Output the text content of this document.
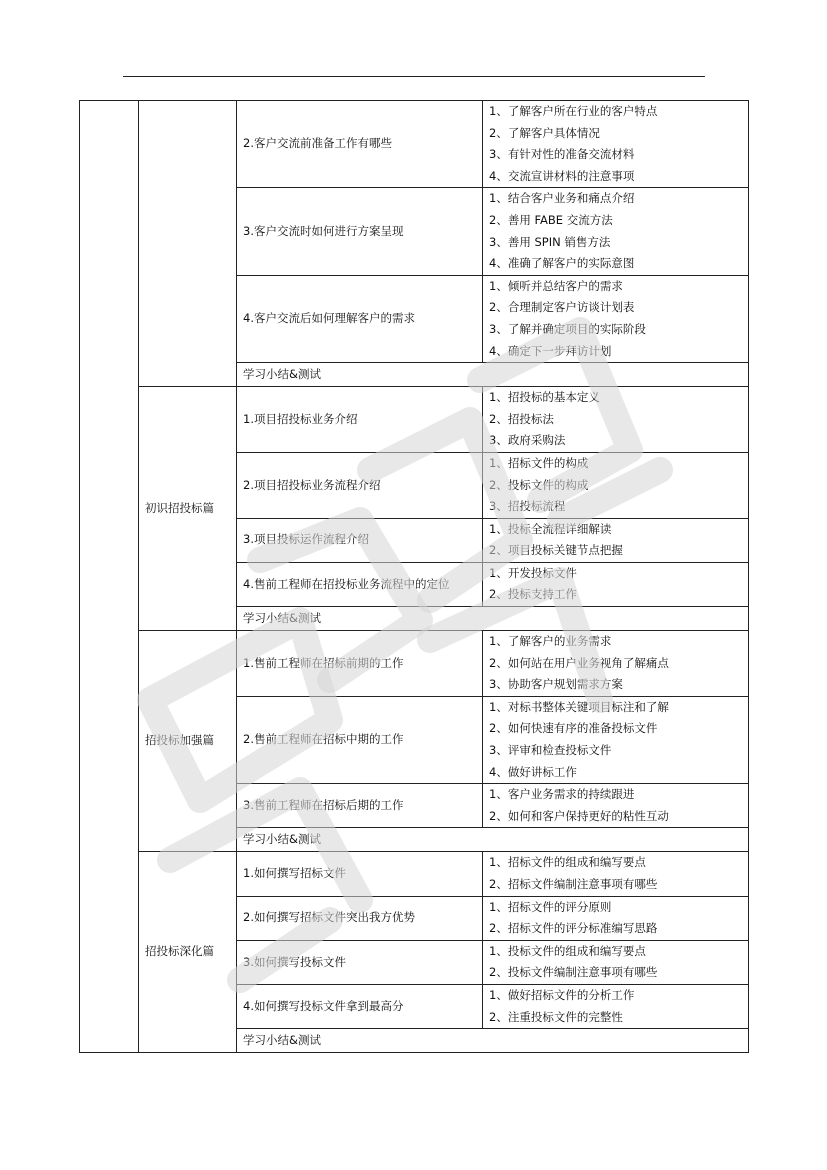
		2.客户交流前准备工作有哪些	1、了解客户所在行业的客户特点
2、了解客户具体情况
3、有针对性的准备交流材料
4、交流宣讲材料的注意事项

		3.客户交流时如何进行方案呈现	1、结合客户业务和痛点介绍
2、善用 FABE 交流方法
3、善用 SPIN 销售方法
4、准确了解客户的实际意图

		4.客户交流后如何理解客户的需求	1、倾听并总结客户的需求
2、合理制定客户访谈计划表
3、了解并确定项目的实际阶段
4、确定下一步拜访计划

		学习小结&测试	
	初识招投标篇	1.项目招投标业务介绍	1、招投标的基本定义
2、招投标法
3、政府采购法

		2.项目招投标业务流程介绍	1、招标文件的构成
2、投标文件的构成
3、招投标流程

		3.项目投标运作流程介绍	1、投标全流程详细解读
2、项目投标关键节点把握

		4.售前工程师在招投标业务流程中的定位	1、开发投标文件
2、投标支持工作

		学习小结&测试	
	招投标加强篇	1.售前工程师在招标前期的工作	1、了解客户的业务需求
2、如何站在用户业务视角了解痛点
3、协助客户规划需求方案

		2.售前工程师在招标中期的工作	1、对标书整体关键项目标注和了解
2、如何快速有序的准备投标文件
3、评审和检查投标文件
4、做好讲标工作

		3.售前工程师在招标后期的工作	1、客户业务需求的持续跟进
2、如何和客户保持更好的粘性互动

		学习小结&测试	
	招投标深化篇	1.如何撰写招标文件	1、招标文件的组成和编写要点
2、招标文件编制注意事项有哪些

		2.如何撰写招标文件突出我方优势	1、招标文件的评分原则
2、招标文件的评分标准编写思路

		3.如何撰写投标文件	1、投标文件的组成和编写要点
2、投标文件编制注意事项有哪些

		4.如何撰写投标文件拿到最高分	1、做好招标文件的分析工作
2、注重投标文件的完整性

		学习小结&测试	
